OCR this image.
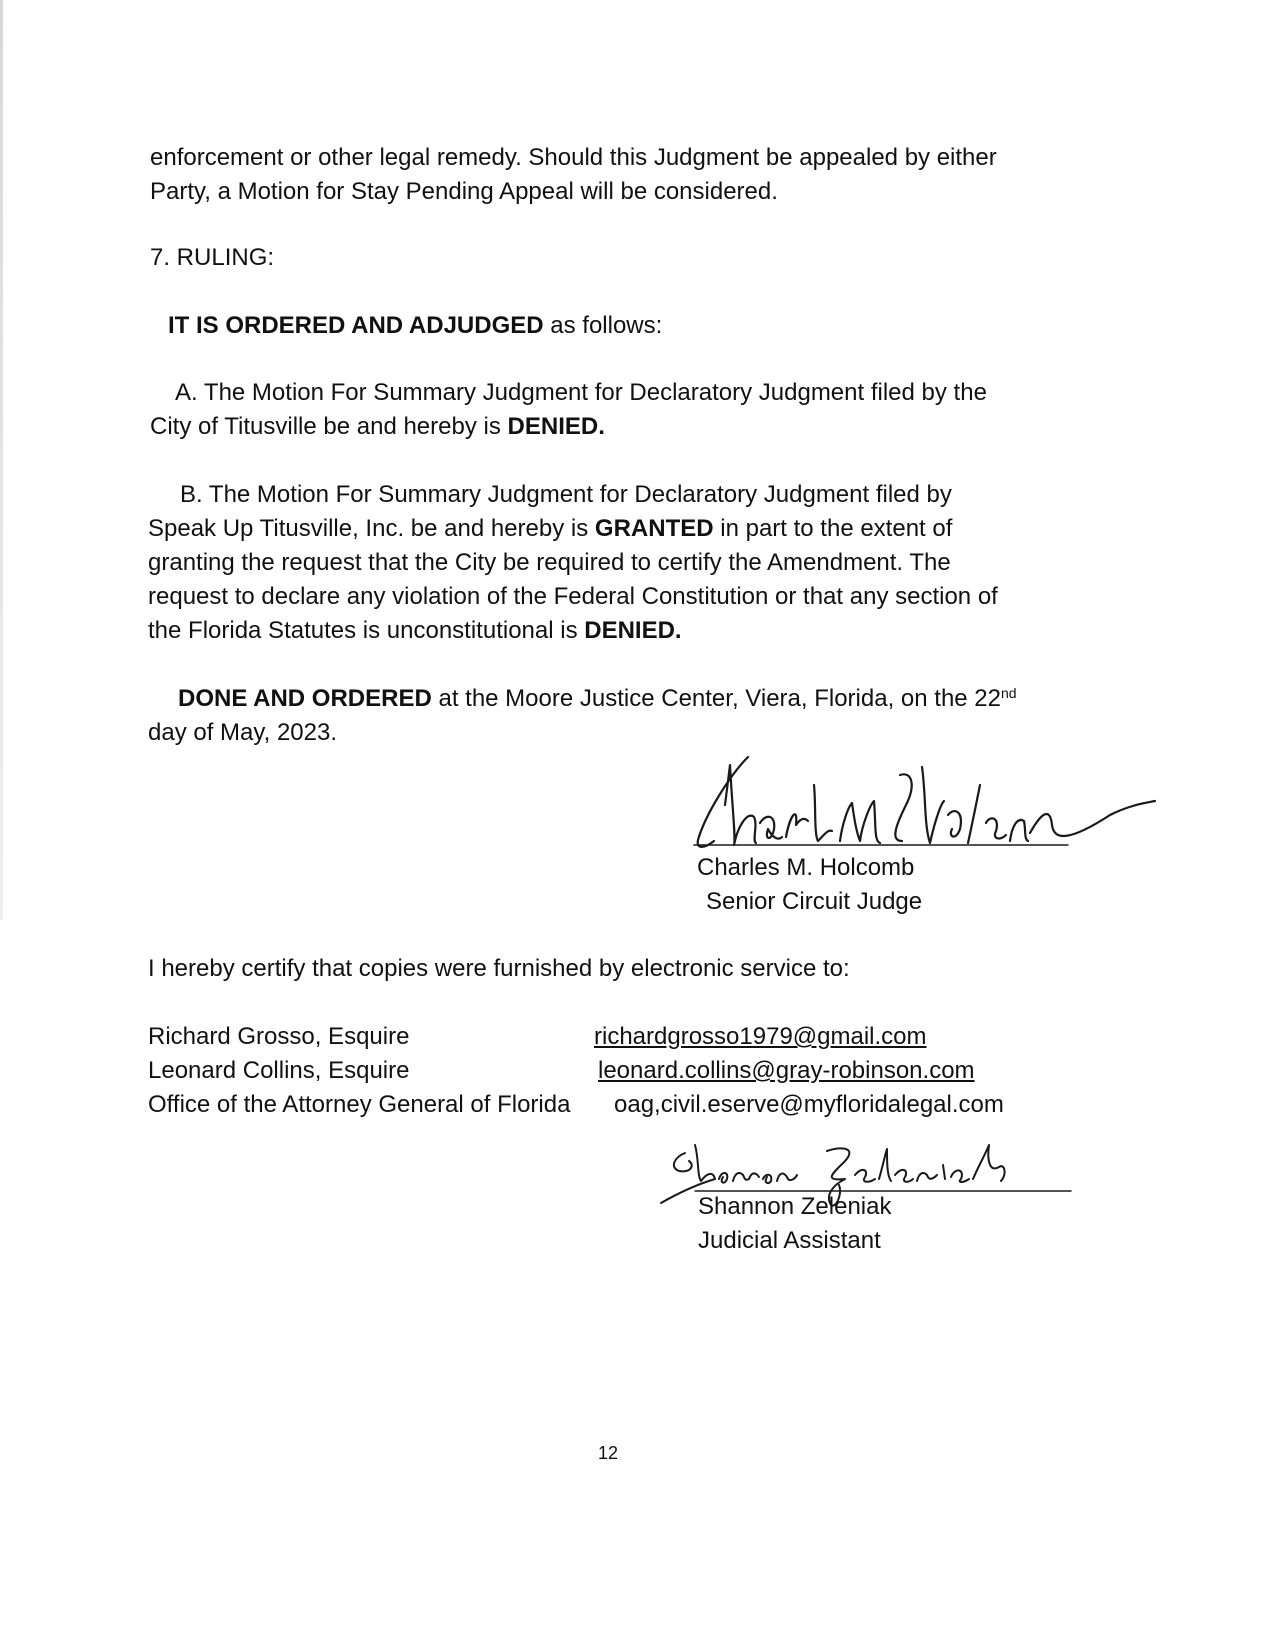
enforcement or other legal remedy. Should this Judgment be appealed by either
Party, a Motion for Stay Pending Appeal will be considered.
7. RULING:
IT IS ORDERED AND ADJUDGED as follows:
A. The Motion For Summary Judgment for Declaratory Judgment filed by the
City of Titusville be and hereby is DENIED.
B. The Motion For Summary Judgment for Declaratory Judgment filed by
Speak Up Titusville, Inc. be and hereby is GRANTED in part to the extent of
granting the request that the City be required to certify the Amendment. The
request to declare any violation of the Federal Constitution or that any section of
the Florida Statutes is unconstitutional is DENIED.
DONE AND ORDERED at the Moore Justice Center, Viera, Florida, on the 22nd
day of May, 2023.
Charles M. Holcomb
Senior Circuit Judge
I hereby certify that copies were furnished by electronic service to:
Richard Grosso, Esquire	richardgrosso1979@gmail.com
Leonard Collins, Esquire	leonard.collins@gray-robinson.com
Office of the Attorney General of Florida oag,civil.eserve@myfloridalegal.com
Shannon Zeleniak
Judicial Assistant
12
